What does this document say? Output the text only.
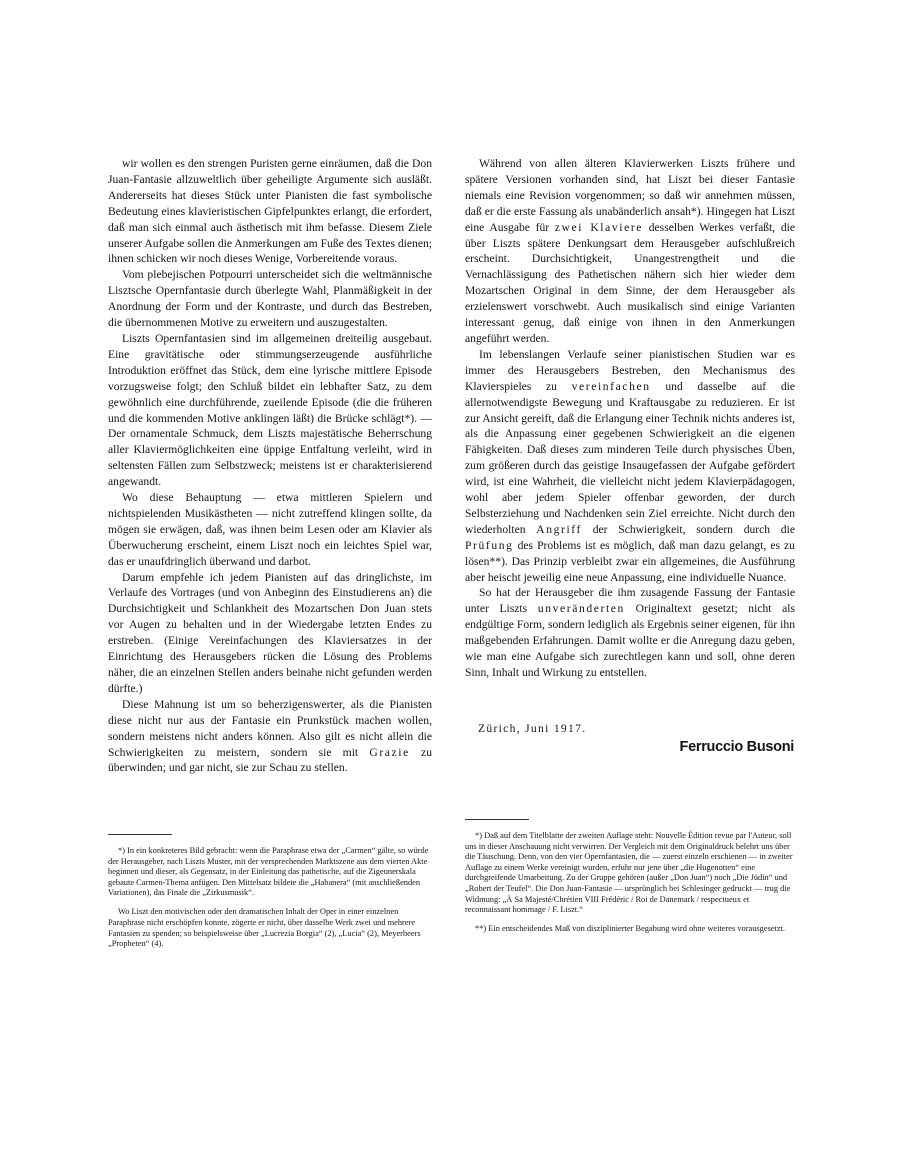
wir wollen es den strengen Puristen gerne einräumen, daß die Don Juan-Fantasie allzuweltlich über geheiligte Argumente sich ausläßt. Andererseits hat dieses Stück unter Pianisten die fast symbolische Bedeutung eines klavieristischen Gipfelpunktes erlangt, die erfordert, daß man sich einmal auch ästhetisch mit ihm befasse. Diesem Ziele unserer Aufgabe sollen die Anmerkungen am Fuße des Textes dienen; ihnen schicken wir noch dieses Wenige, Vorbereitende voraus.

Vom plebejischen Potpourri unterscheidet sich die weltmännische Lisztsche Opernfantasie durch überlegte Wahl, Planmäßigkeit in der Anordnung der Form und der Kontraste, und durch das Bestreben, die übernommenen Motive zu erweitern und auszugestalten.

Liszts Opernfantasien sind im allgemeinen dreiteilig ausgebaut. Eine gravitätische oder stimmungserzeugende ausführliche Introduktion eröffnet das Stück, dem eine lyrische mittlere Episode vorzugsweise folgt; den Schluß bildet ein lebhafter Satz, zu dem gewöhnlich eine durchführende, zueilende Episode (die die früheren und die kommenden Motive anklingen läßt) die Brücke schlägt*). — Der ornamentale Schmuck, dem Liszts majestätische Beherrschung aller Klaviermöglichkeiten eine üppige Entfaltung verleiht, wird in seltensten Fällen zum Selbstzweck; meistens ist er charakterisierend angewandt.

Wo diese Behauptung — etwa mittleren Spielern und nichtspielenden Musikästheten — nicht zutreffend klingen sollte, da mögen sie erwägen, daß, was ihnen beim Lesen oder am Klavier als Überwucherung erscheint, einem Liszt noch ein leichtes Spiel war, das er unaufdringlich überwand und darbot.

Darum empfehle ich jedem Pianisten auf das dringlichste, im Verlaufe des Vortrages (und von Anbeginn des Einstudierens an) die Durchsichtigkeit und Schlankheit des Mozartschen Don Juan stets vor Augen zu behalten und in der Wiedergabe letzten Endes zu erstreben. (Einige Vereinfachungen des Klaviersatzes in der Einrichtung des Herausgebers rücken die Lösung des Problems näher, die an einzelnen Stellen anders beinahe nicht gefunden werden dürfte.)

Diese Mahnung ist um so beherzigenswerter, als die Pianisten diese nicht nur aus der Fantasie ein Prunkstück machen wollen, sondern meistens nicht anders können. Also gilt es nicht allein die Schwierigkeiten zu meistern, sondern sie mit Grazie zu überwinden; und gar nicht, sie zur Schau zu stellen.

*) In ein konkreteres Bild gebracht: wenn die Paraphrase etwa der „Carmen“ gälte, so würde der Herausgeber, nach Liszts Muster, mit der versprechenden Marktszene aus dem vierten Akte beginnen und dieser, als Gegensatz, in der Einleitung das pathetische, auf die Zigeunerskala gebaute Carmen-Thema anfügen. Den Mittelsatz bildete die „Habanera“ (mit anschließenden Variationen), das Finale die „Zirkusmusik“.

Wo Liszt den motivischen oder den dramatischen Inhalt der Oper in einer einzelnen Paraphrase nicht erschöpfen konnte, zögerte er nicht, über dasselbe Werk zwei und mehrere Fantasien zu spenden; so beispielsweise über „Lucrezia Borgia“ (2), „Lucia“ (2), Meyerbeers „Propheten“ (4).

Während von allen älteren Klavierwerken Liszts frühere und spätere Versionen vorhanden sind, hat Liszt bei dieser Fantasie niemals eine Revision vorgenommen; so daß wir annehmen müssen, daß er die erste Fassung als unabänderlich ansah*). Hingegen hat Liszt eine Ausgabe für zwei Klaviere desselben Werkes verfaßt, die über Liszts spätere Denkungsart dem Herausgeber aufschlußreich erscheint. Durchsichtigkeit, Unangestrengtheit und die Vernachlässigung des Pathetischen nähern sich hier wieder dem Mozartschen Original in dem Sinne, der dem Herausgeber als erzielenswert vorschwebt. Auch musikalisch sind einige Varianten interessant genug, daß einige von ihnen in den Anmerkungen angeführt werden.

Im lebenslangen Verlaufe seiner pianistischen Studien war es immer des Herausgebers Bestreben, den Mechanismus des Klavierspieles zu vereinfachen und dasselbe auf die allernotwendigste Bewegung und Kraftausgabe zu reduzieren. Er ist zur Ansicht gereift, daß die Erlangung einer Technik nichts anderes ist, als die Anpassung einer gegebenen Schwierigkeit an die eigenen Fähigkeiten. Daß dieses zum minderen Teile durch physisches Üben, zum größeren durch das geistige Insaugefassen der Aufgabe gefördert wird, ist eine Wahrheit, die vielleicht nicht jedem Klavierpädagogen, wohl aber jedem Spieler offenbar geworden, der durch Selbsterziehung und Nachdenken sein Ziel erreichte. Nicht durch den wiederholten Angriff der Schwierigkeit, sondern durch die Prüfung des Problems ist es möglich, daß man dazu gelangt, es zu lösen**). Das Prinzip verbleibt zwar ein allgemeines, die Ausführung aber heischt jeweilig eine neue Anpassung, eine individuelle Nuance.

So hat der Herausgeber die ihm zusagende Fassung der Fantasie unter Liszts unveränderten Originaltext gesetzt; nicht als endgültige Form, sondern lediglich als Ergebnis seiner eigenen, für ihn maßgebenden Erfahrungen. Damit wollte er die Anregung dazu geben, wie man eine Aufgabe sich zurechtlegen kann und soll, ohne deren Sinn, Inhalt und Wirkung zu entstellen.

Zürich, Juni 1917.
Ferruccio Busoni

*) Daß auf dem Titelblatte der zweiten Auflage steht: Nouvelle Édition revue par l'Auteur, soll uns in dieser Anschauung nicht verwirren. Der Vergleich mit dem Originaldruck belehrt uns über die Täuschung. Denn, von den vier Opernfantasien, die — zuerst einzeln erschienen — in zweiter Auflage zu einem Werke vereinigt wurden, erfuhr nur jene über „die Hugenotten“ eine durchgreifende Umarbeitung. Zu der Gruppe gehören (außer „Don Juan“) noch „Die Jüdin“ und „Robert der Teufel“. Die Don Juan-Fantasie — ursprünglich bei Schlesinger gedruckt — trug die Widmung: „À Sa Majesté/Chrétien VIII Frédéric / Roi de Danemark / respectueux et reconnaissant hommage / F. Liszt.“

**) Ein entscheidendes Maß von disziplinierter Begabung wird ohne weiteres vorausgesetzt.
